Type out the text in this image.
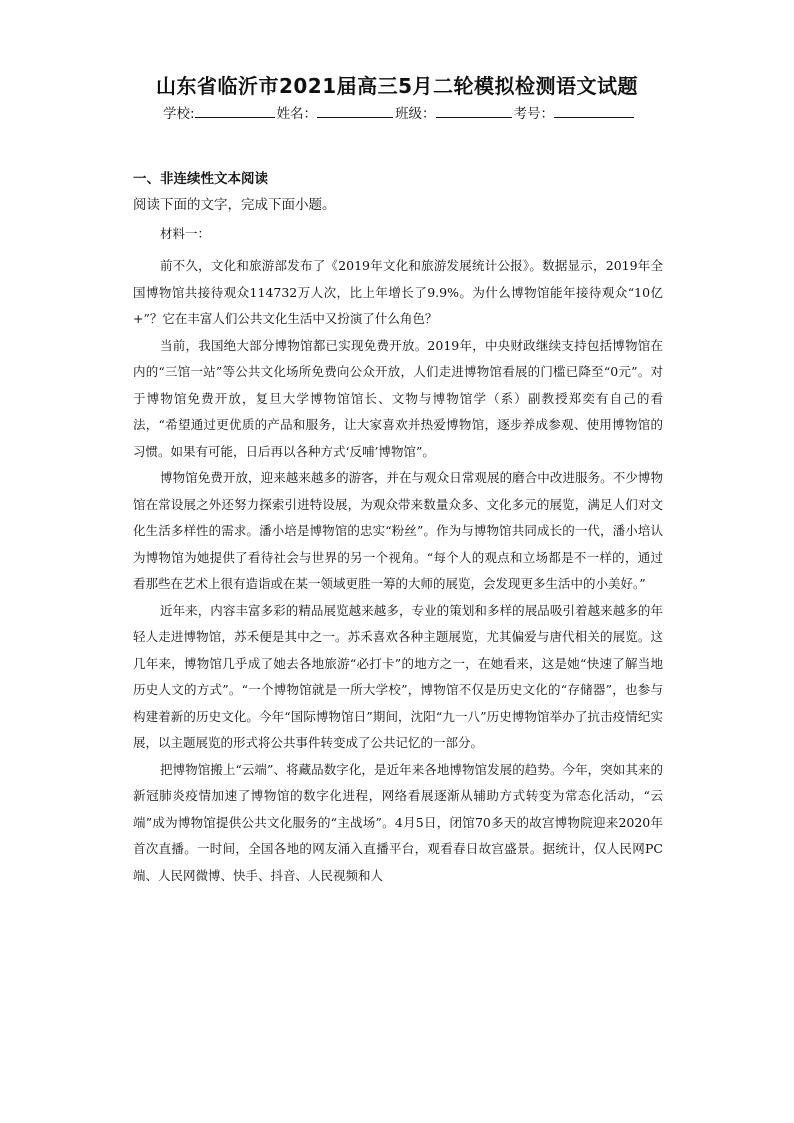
山东省临沂市2021届高三5月二轮模拟检测语文试题
学校:	姓名：	班级：	考号：
一、非连续性文本阅读
阅读下面的文字，完成下面小题。
材料一：

前不久，文化和旅游部发布了《2019年文化和旅游发展统计公报》。数据显示，2019年全国博物馆共接待观众114732万人次，比上年增长了9.9%。为什么博物馆能年接待观众“10亿+”？它在丰富人们公共文化生活中又扮演了什么角色？

当前，我国绝大部分博物馆都已实现免费开放。2019年，中央财政继续支持包括博物馆在内的“三馆一站”等公共文化场所免费向公众开放，人们走进博物馆看展的门槛已降至“0元”。对于博物馆免费开放，复旦大学博物馆馆长、文物与博物馆学（系）副教授郑奕有自己的看法，“希望通过更优质的产品和服务，让大家喜欢并热爱博物馆，逐步养成参观、使用博物馆的习惯。如果有可能，日后再以各种方式‘反哺’博物馆”。

博物馆免费开放，迎来越来越多的游客，并在与观众日常观展的磨合中改进服务。不少博物馆在常设展之外还努力探索引进特设展，为观众带来数量众多、文化多元的展览，满足人们对文化生活多样性的需求。潘小培是博物馆的忠实“粉丝”。作为与博物馆共同成长的一代，潘小培认为博物馆为她提供了看待社会与世界的另一个视角。“每个人的观点和立场都是不一样的，通过看那些在艺术上很有造诣或在某一领域更胜一筹的大师的展览，会发现更多生活中的小美好。”

近年来，内容丰富多彩的精品展览越来越多，专业的策划和多样的展品吸引着越来越多的年轻人走进博物馆，苏禾便是其中之一。苏禾喜欢各种主题展览，尤其偏爱与唐代相关的展览。这几年来，博物馆几乎成了她去各地旅游“必打卡”的地方之一，在她看来，这是她“快速了解当地历史人文的方式”。“一个博物馆就是一所大学校”，博物馆不仅是历史文化的“存储器”，也参与构建着新的历史文化。今年“国际博物馆日”期间，沈阳“九一八”历史博物馆举办了抗击疫情纪实展，以主题展览的形式将公共事件转变成了公共记忆的一部分。

把博物馆搬上“云端”、将藏品数字化，是近年来各地博物馆发展的趋势。今年，突如其来的新冠肺炎疫情加速了博物馆的数字化进程，网络看展逐渐从辅助方式转变为常态化活动，“云端”成为博物馆提供公共文化服务的“主战场”。4月5日，闭馆70多天的故宫博物院迎来2020年首次直播。一时间，全国各地的网友涌入直播平台，观看春日故宫盛景。据统计，仅人民网PC端、人民网微博、快手、抖音、人民视频和人
